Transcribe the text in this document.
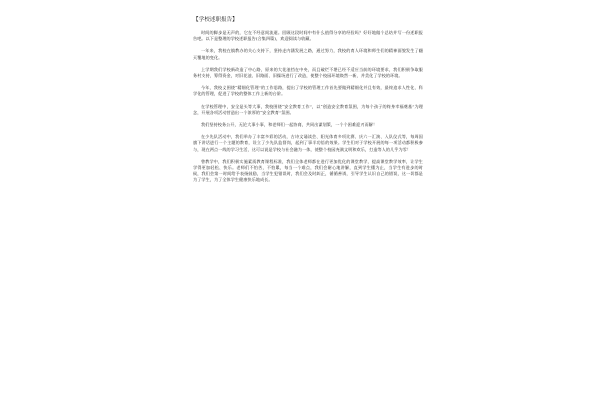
【学校述职报告】

时间的脚步是无声的，它在不经意间流逝。回顾这段时间中有什么值得分享的经验吗？好好地做个总结并写一份述职报告吧。以下是整理的学校述职报告(合集四篇)，欢迎阅读与收藏。

一年来，我校在镇教办的关心支持下，坚持走内涵发展之路，通过努力，我校的育人环境和师生们的精神面貌发生了翻天覆地的变化。

上学期我们学校新改造了中心路，原来的大花池挡在中央，而且破烂不堪已经不适应当前的环境要求，我们积极争取服务村支持，筹得资金，对旧花池、旧路面、旧操场进行了改造，使整个校园环境焕然一新，并美化了学校的环境。

今年，我校义围绕“精细化管理”的工作思路，提出了学校的管理工作首先要做到精细化并且有效，最终追求人性化、科学化的管理，促进了学校的整体工作上新的台阶。

在学校管理中，安全是头等大事，我校围绕“安全教育工作”，以“创造安全教育氛围，为每个孩子的终身幸福奠基”为理念，开展各项活动营造出一个浓厚的“安全教育”氛围。

我们坚持校务公开，无论大事小事，和老师们一起协商，共同出谋划策，一个个困难迎刃而解！

在少先队活动中，我们举办了丰富多彩的活动，古诗文诵读会、阳光体育多项比赛、庆六一汇演、入队仪式等，每周国旗下讲话进行一个主题的教育，设立了少先队监督岗，起到了事半功倍的效果。学生们对于学校开展的每一项活动都积极参与，现在两点一线的学习生活，这可以说是学校与社会融为一体，使整个校园充满文明和欢乐，打造等人的几乎为零！

曾教学中，我们积极实施素质教育课程标准，我们全体老师都在进行更加优化的课堂教学，提高课堂教学效率，让学生学得更加轻松、快乐。老师们不怕苦，不怕累，每当一个难点，我们会耐心地讲解，直到学生懂为止，当学生有进步的时候，我们会第一时间给予表扬鼓励，当学生犯错误时，我们会及时纠正，循循善诱，引导学生认识自己的错误，这一切都是为了学生，为了全体学生健康快乐地成长。
